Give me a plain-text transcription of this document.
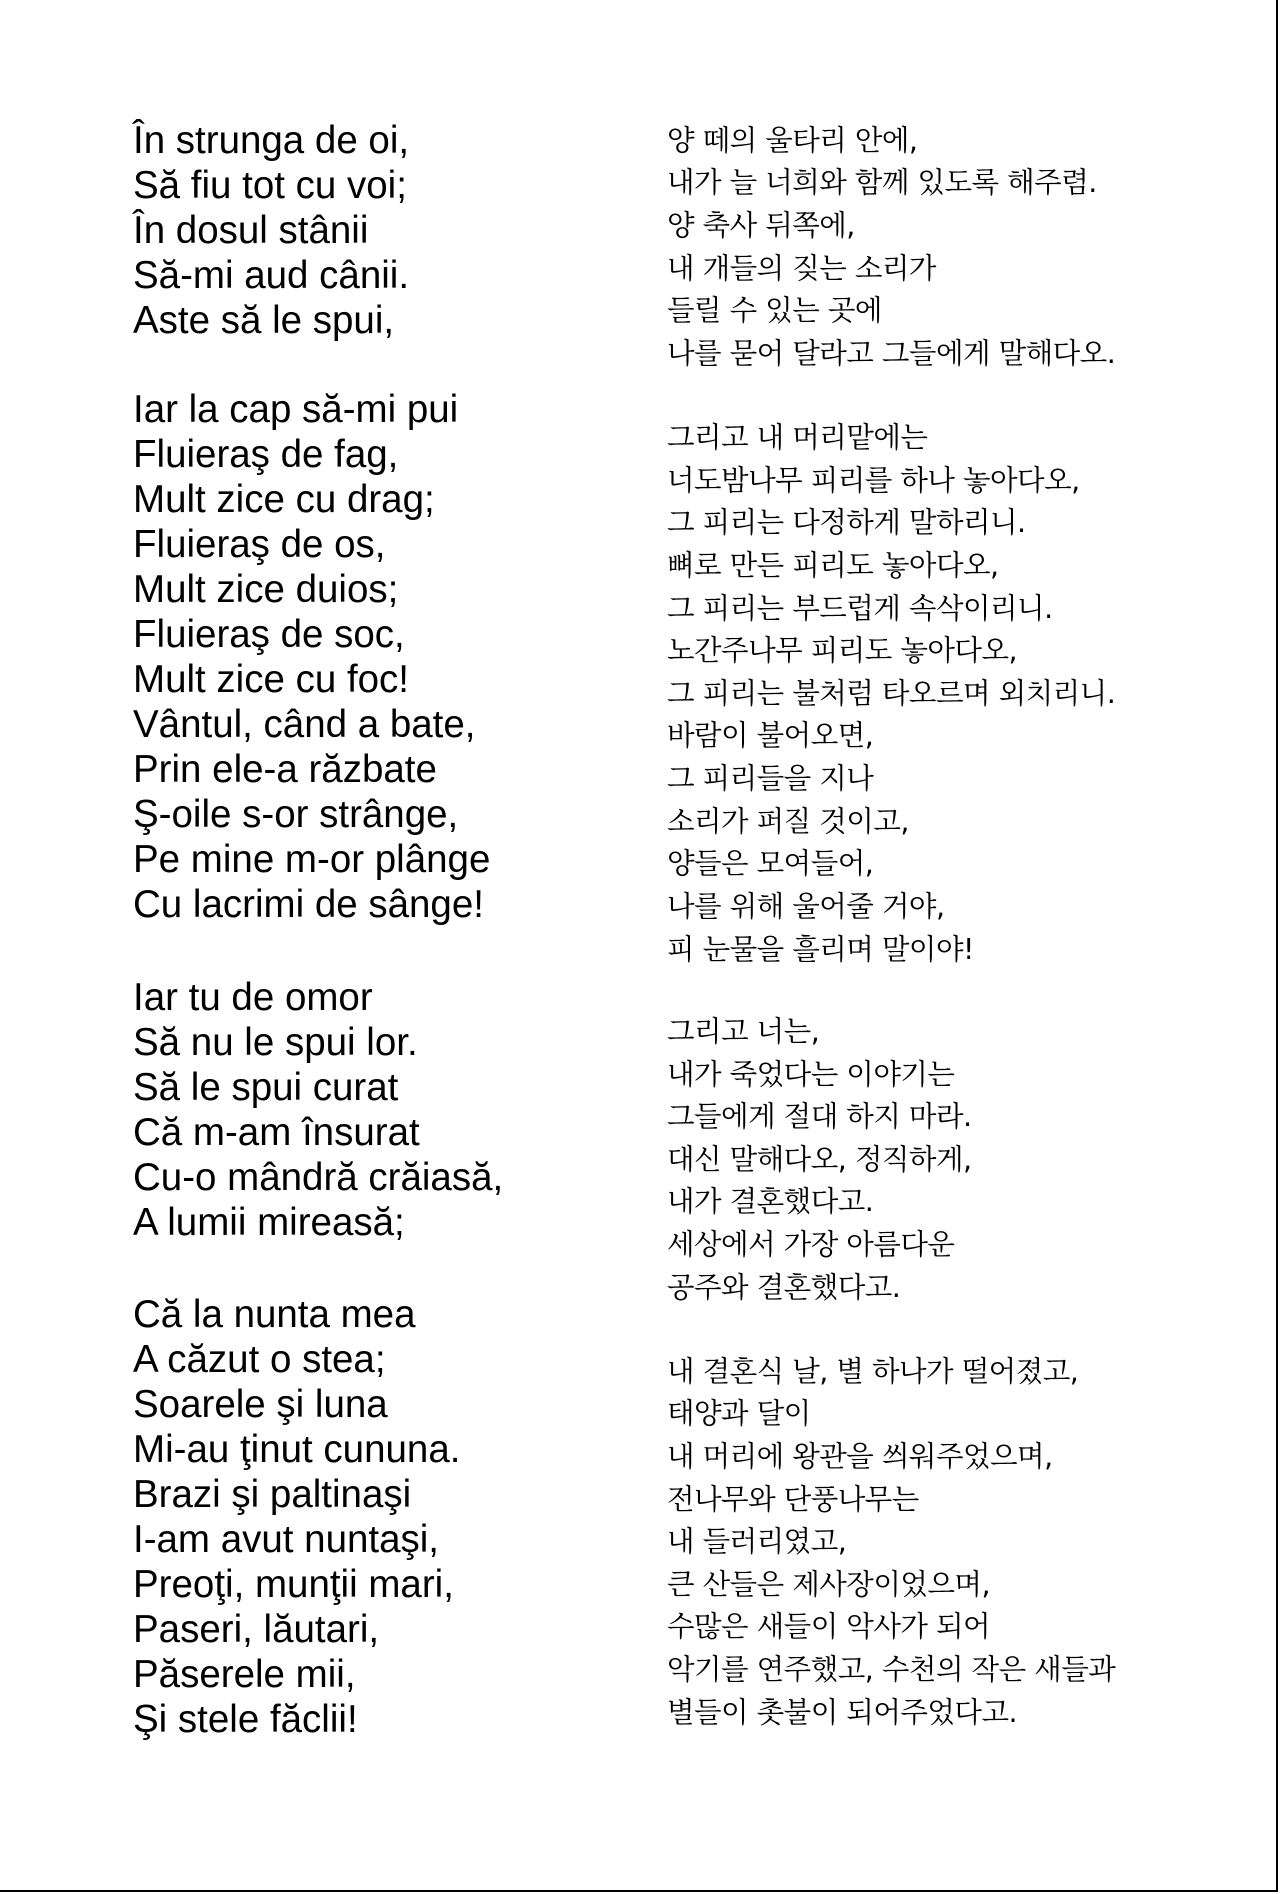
În strunga de oi,
Să fiu tot cu voi;
În dosul stânii
Să-mi aud cânii.
Aste să le spui,
Iar la cap să-mi pui
Fluieraş de fag,
Mult zice cu drag;
Fluieraş de os,
Mult zice duios;
Fluieraş de soc,
Mult zice cu foc!
Vântul, când a bate,
Prin ele-a răzbate
Ş-oile s-or strânge,
Pe mine m-or plânge
Cu lacrimi de sânge!
Iar tu de omor
Să nu le spui lor.
Să le spui curat
Că m-am însurat
Cu-o mândră crăiasă,
A lumii mireasă;
Că la nunta mea
A căzut o stea;
Soarele şi luna
Mi-au ţinut cununa.
Brazi şi paltinaşi
I-am avut nuntaşi,
Preoţi, munţii mari,
Paseri, lăutari,
Păserele mii,
Şi stele făclii!
양 떼의 울타리 안에,
내가 늘 너희와 함께 있도록 해주렴.
양 축사 뒤쪽에,
내 개들의 짖는 소리가
들릴 수 있는 곳에
나를 묻어 달라고 그들에게 말해다오.
그리고 내 머리맡에는
너도밤나무 피리를 하나 놓아다오,
그 피리는 다정하게 말하리니.
뼈로 만든 피리도 놓아다오,
그 피리는 부드럽게 속삭이리니.
노간주나무 피리도 놓아다오,
그 피리는 불처럼 타오르며 외치리니.
바람이 불어오면,
그 피리들을 지나
소리가 퍼질 것이고,
양들은 모여들어,
나를 위해 울어줄 거야,
피 눈물을 흘리며 말이야!
그리고 너는,
내가 죽었다는 이야기는
그들에게 절대 하지 마라.
대신 말해다오, 정직하게,
내가 결혼했다고.
세상에서 가장 아름다운
공주와 결혼했다고.
내 결혼식 날, 별 하나가 떨어졌고,
태양과 달이
내 머리에 왕관을 씌워주었으며,
전나무와 단풍나무는
내 들러리였고,
큰 산들은 제사장이었으며,
수많은 새들이 악사가 되어
악기를 연주했고, 수천의 작은 새들과
별들이 촛불이 되어주었다고.
